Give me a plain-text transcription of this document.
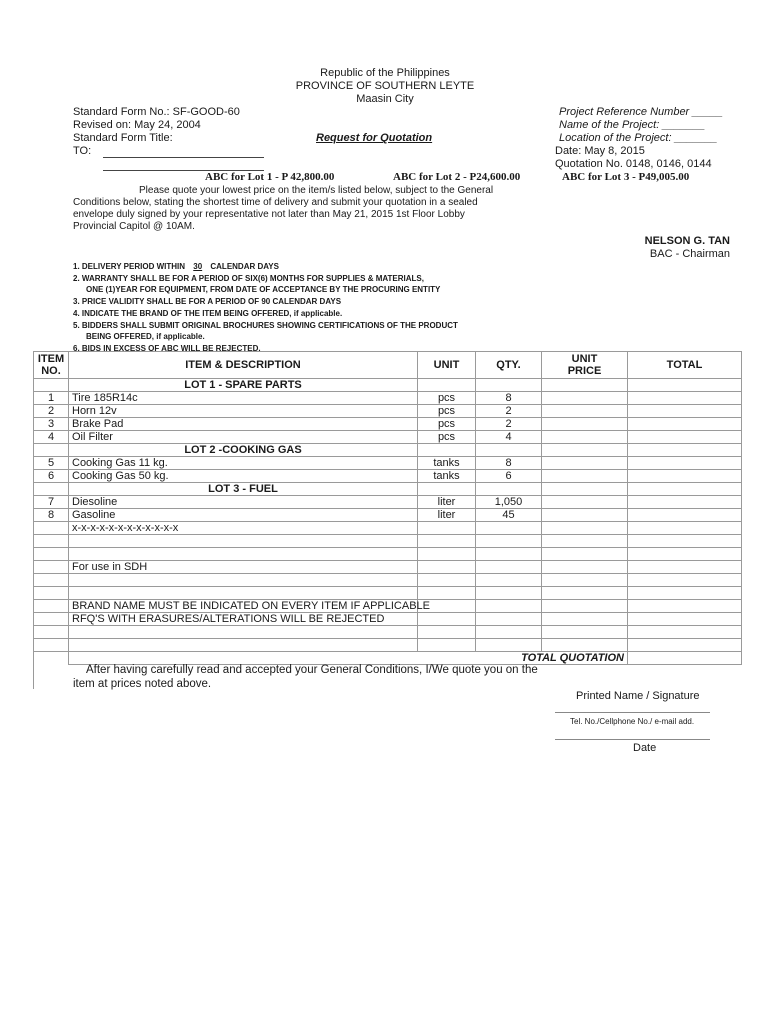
Republic of the Philippines
PROVINCE OF SOUTHERN LEYTE
Maasin City
Standard Form No.: SF-GOOD-60
Revised on: May 24, 2004
Standard Form Title:
TO:
Request for Quotation
Project Reference Number _____
Name of the Project: _______
Location of the Project: _______
Date: May 8, 2015
Quotation No. 0148, 0146, 0144
ABC for Lot 1 - P 42,800.00	ABC for Lot 2 - P24,600.00	ABC for Lot 3 - P49,005.00
Please quote your lowest price on the item/s listed below, subject to the General
Conditions below, stating the shortest time of delivery and submit your quotation in a sealed
envelope duly signed by your representative not later than May 21, 2015 1st Floor Lobby
Provincial Capitol @ 10AM.
NELSON G. TAN
BAC - Chairman
1. DELIVERY PERIOD WITHIN 30 CALENDAR DAYS
2. WARRANTY SHALL BE FOR A PERIOD OF SIX(6) MONTHS FOR SUPPLIES & MATERIALS,
ONE (1)YEAR FOR EQUIPMENT, FROM DATE OF ACCEPTANCE BY THE PROCURING ENTITY
3. PRICE VALIDITY SHALL BE FOR A PERIOD OF 90 CALENDAR DAYS
4. INDICATE THE BRAND OF THE ITEM BEING OFFERED, if applicable.
5. BIDDERS SHALL SUBMIT ORIGINAL BROCHURES SHOWING CERTIFICATIONS OF THE PRODUCT
BEING OFFERED, if applicable.
6. BIDS IN EXCESS OF ABC WILL BE REJECTED.
ITEM
NO.	ITEM & DESCRIPTION	UNIT	QTY.	UNIT
PRICE	TOTAL
	LOT 1 - SPARE PARTS				
1	Tire 185R14c	pcs	8		
2	Horn 12v	pcs	2		
3	Brake Pad	pcs	2		
4	Oil Filter	pcs	4		
	LOT 2 -COOKING GAS				
5	Cooking Gas 11 kg.	tanks	8		
6	Cooking Gas 50 kg.	tanks	6		
	LOT 3 - FUEL				
7	Diesoline	liter	1,050		
8	Gasoline	liter	45		
	x-x-x-x-x-x-x-x-x-x-x-x				

	For use in SDH				

	BRAND NAME MUST BE INDICATED ON EVERY ITEM IF APPLICABLE				
	RFQ'S WITH ERASURES/ALTERATIONS WILL BE REJECTED				

	TOTAL QUOTATION				
After having carefully read and accepted your General Conditions, I/We quote you on the
item at prices noted above.
Printed Name / Signature
Tel. No./Cellphone No./ e-mail add.
Date
